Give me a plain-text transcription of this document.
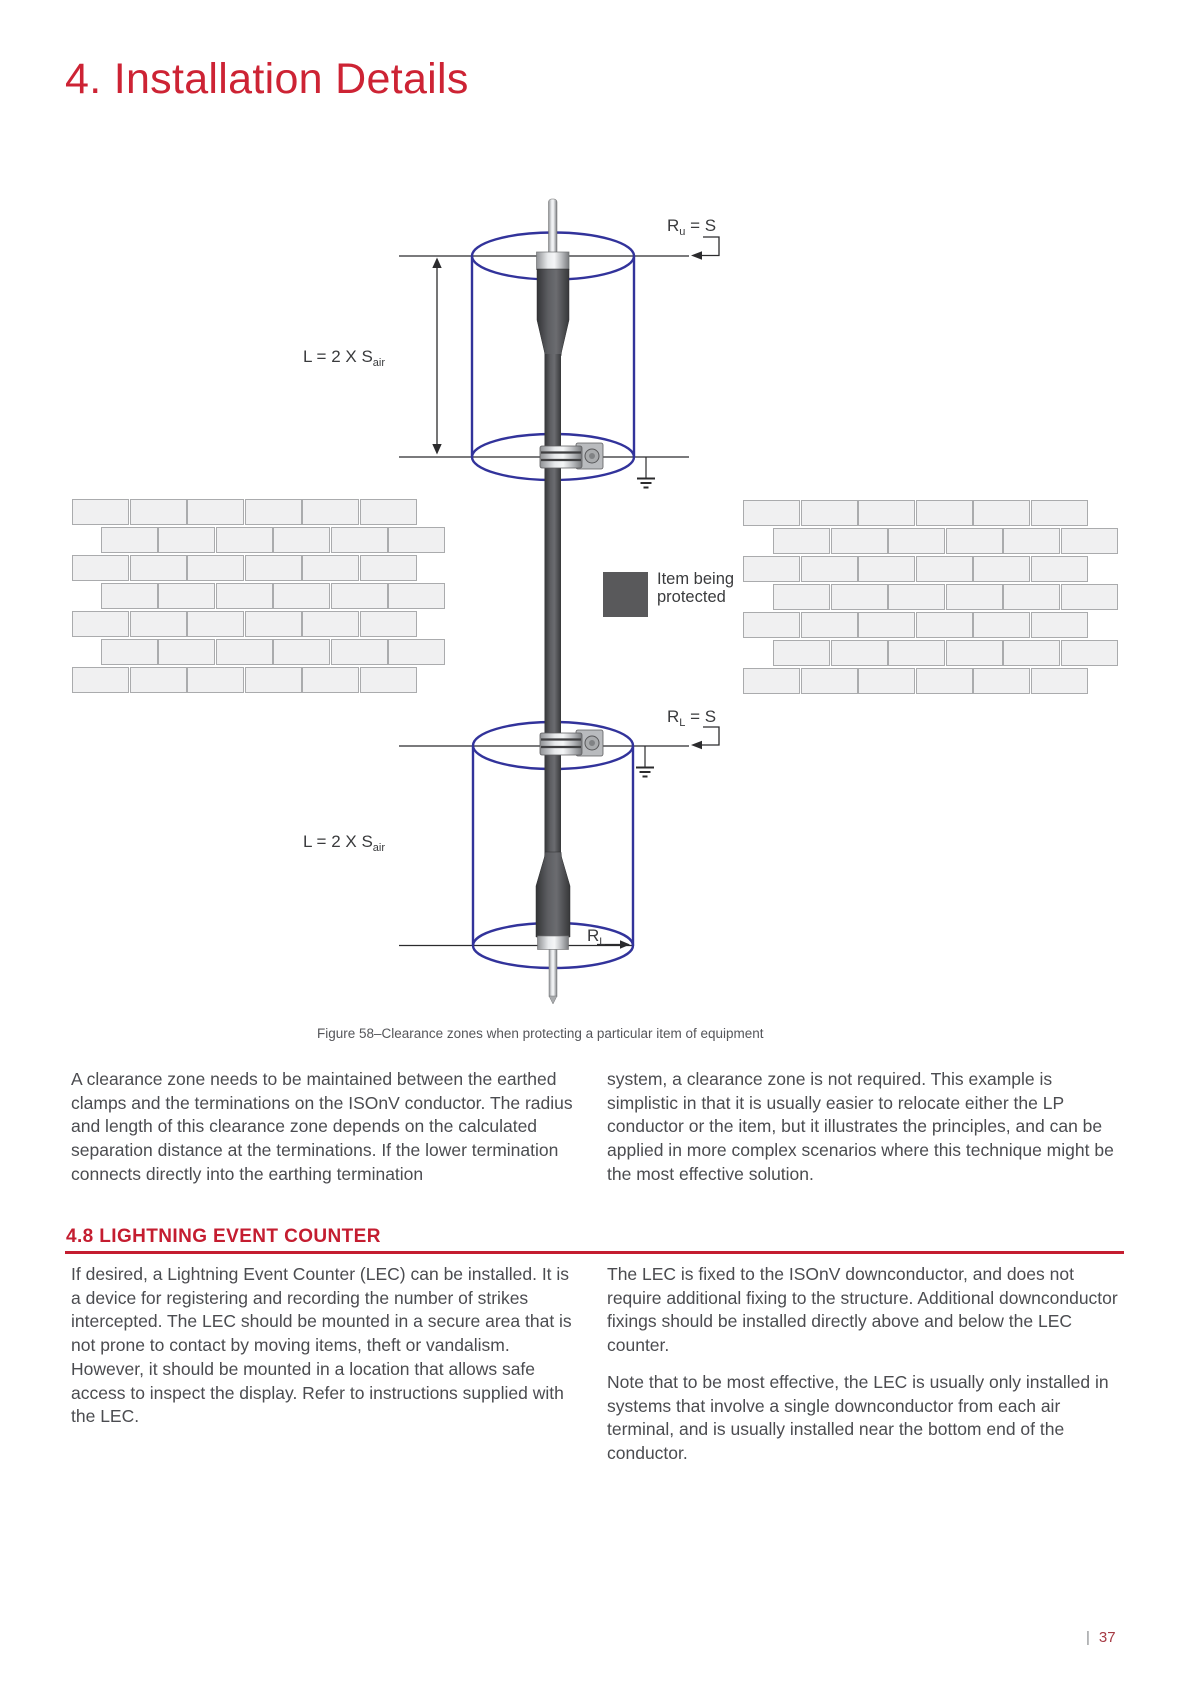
4. Installation Details
$R_u = S$
$R_L = S$
L = 2 X $S_{air}$
L = 2 X $S_{air}$
$R_L$
Item being protected
Figure 58–Clearance zones when protecting a particular item of equipment
A clearance zone needs to be maintained between the earthed clamps and the terminations on the ISOnV conductor. The radius and length of this clearance zone depends on the calculated separation distance at the terminations. If the lower termination connects directly into the earthing termination
system, a clearance zone is not required. This example is simplistic in that it is usually easier to relocate either the LP conductor or the item, but it illustrates the principles, and can be applied in more complex scenarios where this technique might be the most effective solution.
4.8 LIGHTNING EVENT COUNTER
If desired, a Lightning Event Counter (LEC) can be installed. It is a device for registering and recording the number of strikes intercepted. The LEC should be mounted in a secure area that is not prone to contact by moving items, theft or vandalism. However, it should be mounted in a location that allows safe access to inspect the display. Refer to instructions supplied with the LEC.
The LEC is fixed to the ISOnV downconductor, and does not require additional fixing to the structure. Additional downconductor fixings should be installed directly above and below the LEC counter.
Note that to be most effective, the LEC is usually only installed in systems that involve a single downconductor from each air terminal, and is usually installed near the bottom end of the conductor.
| 37
